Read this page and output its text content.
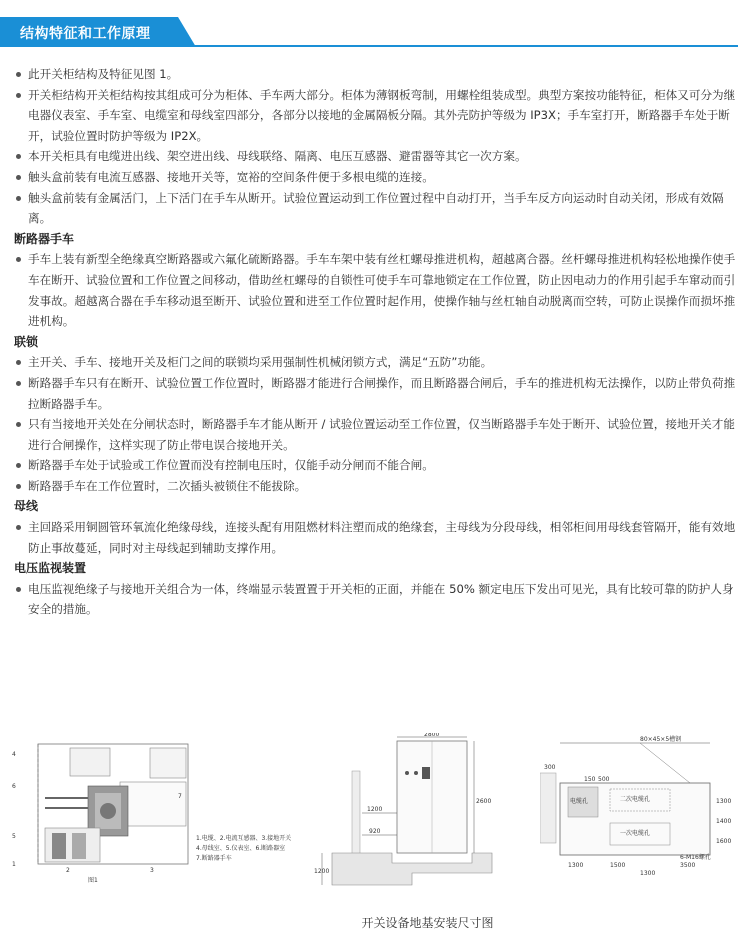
结构特征和工作原理
此开关柜结构及特征见图 1。
开关柜结构开关柜结构按其组成可分为柜体、手车两大部分。柜体为薄钢板弯制，用螺栓组装成型。典型方案按功能特征，柜体又可分为继电器仪表室、手车室、电缆室和母线室四部分，各部分以接地的金属隔板分隔。其外壳防护等级为 IP3X；手车室打开，断路器手车处于断开，试验位置时防护等级为 IP2X。
本开关柜具有电缆进出线、架空进出线、母线联络、隔离、电压互感器、避雷器等其它一次方案。
触头盒前装有电流互感器、接地开关等，宽裕的空间条件便于多根电缆的连接。
触头盒前装有金属活门，上下活门在手车从断开。试验位置运动到工作位置过程中自动打开，当手车反方向运动时自动关闭，形成有效隔离。
断路器手车
手车上装有新型全绝缘真空断路器或六氟化硫断路器。手车车架中装有丝杠螺母推进机构，超越离合器。丝杆螺母推进机构轻松地操作使手车在断开、试验位置和工作位置之间移动，借助丝杠螺母的自锁性可使手车可靠地锁定在工作位置，防止因电动力的作用引起手车窜动而引发事故。超越离合器在手车移动退至断开、试验位置和进至工作位置时起作用，使操作轴与丝杠轴自动脱离而空转，可防止误操作而损坏推进机构。
联锁
主开关、手车、接地开关及柜门之间的联锁均采用强制性机械闭锁方式，满足“五防”功能。
断路器手车只有在断开、试验位置工作位置时，断路器才能进行合闸操作，而且断路器合闸后，手车的推进机构无法操作，以防止带负荷推拉断路器手车。
只有当接地开关处在分闸状态时，断路器手车才能从断开 / 试验位置运动至工作位置，仅当断路器手车处于断开、试验位置，接地开关才能进行合闸操作，这样实现了防止带电误合接地开关。
断路器手车处于试验或工作位置而没有控制电压时，仅能手动分闸而不能合闸。
断路器手车在工作位置时，二次插头被锁住不能拔除。
母线
主回路采用铜圆管环氧流化绝缘母线，连接头配有用阻燃材料注塑而成的绝缘套，主母线为分段母线，相邻柜间用母线套管隔开，能有效地防止事故蔓延，同时对主母线起到辅助支撑作用。
电压监视装置
电压监视绝缘子与接地开关组合为一体，终端显示装置置于开关柜的正面，并能在 50% 额定电压下发出可见光，具有比较可靠的防护人身安全的措施。
4
6
5
1
2	3
7
1.电缆、2.电流互感器、3.接地开关
4.母线室、5.仪表室、6.断路器室
7.断路器手车
图1
2800
1200
920
2600
1200
80×45×5槽钢
150 500
1300	1500
1300
3500
1300
1400
1600
300
电缆孔	二次电缆孔
一次电缆孔
6-M16螺孔
开关设备地基安装尺寸图
